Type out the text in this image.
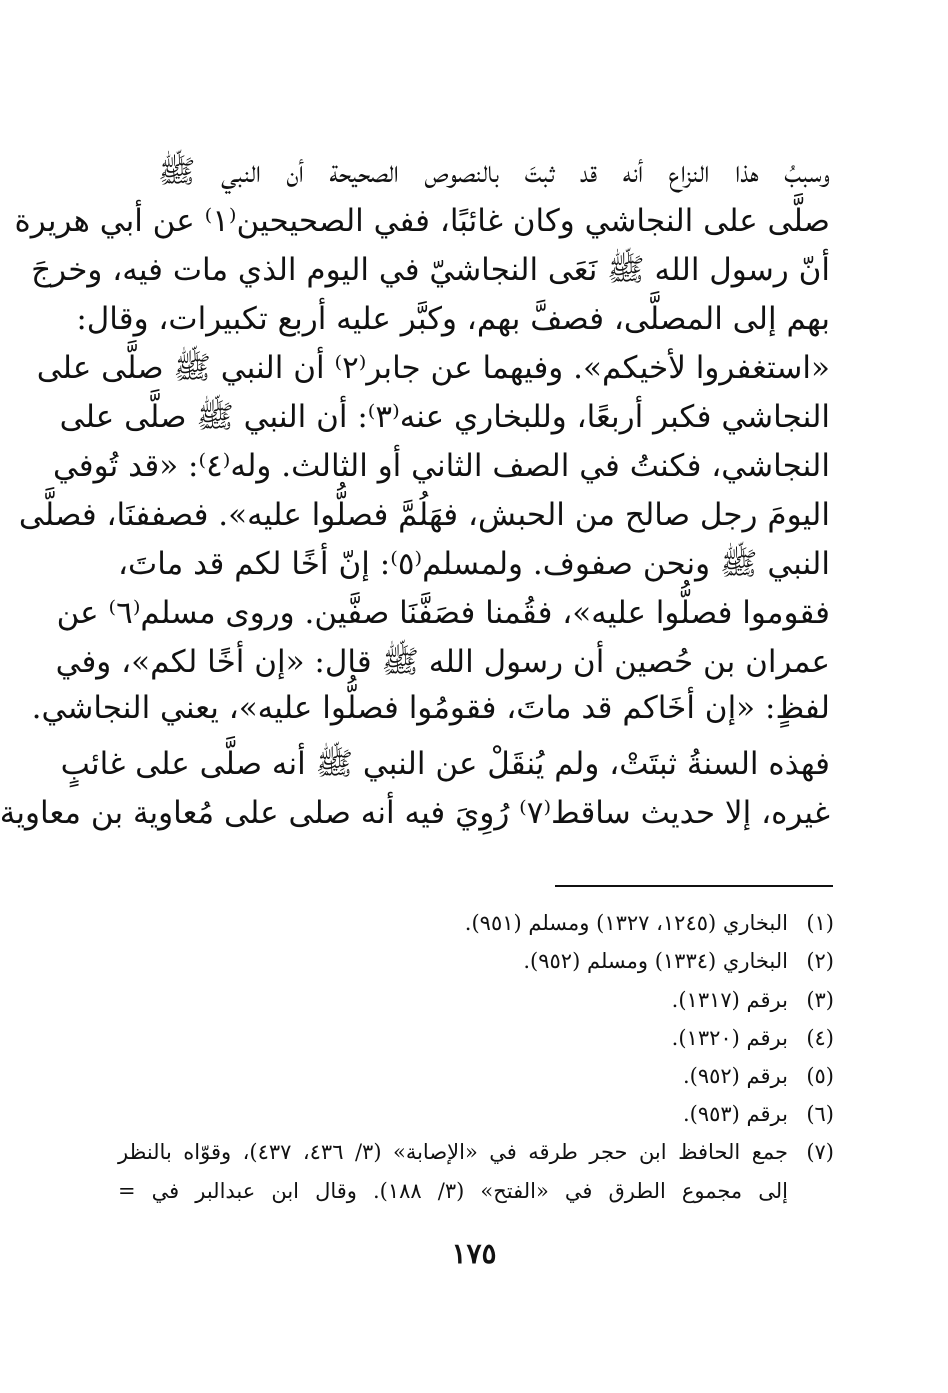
وسببُ هذا النزاع أنه قد ثبتَ بالنصوص الصحيحة أن النبي ﷺ
صلَّى على النجاشي وكان غائبًا، ففي الصحيحين⁽١⁾ عن أبي هريرة
أنّ رسول الله ﷺ نَعَى النجاشيّ في اليوم الذي مات فيه، وخرجَ
بهم إلى المصلَّى، فصفَّ بهم، وكبَّر عليه أربع تكبيرات، وقال:
«استغفروا لأخيكم». وفيهما عن جابر⁽٢⁾ أن النبي ﷺ صلَّى على
النجاشي فكبر أربعًا، وللبخاري عنه⁽٣⁾: أن النبي ﷺ صلَّى على
النجاشي، فكنتُ في الصف الثاني أو الثالث. وله⁽٤⁾: «قد تُوفي
اليومَ رجل صالح من الحبش، فهَلُمَّ فصلُّوا عليه». فصففنَا، فصلَّى
النبي ﷺ ونحن صفوف. ولمسلم⁽٥⁾: إنّ أخًا لكم قد ماتَ،
فقوموا فصلُّوا عليه»، فقُمنا فصَفَّنَا صفَّين. وروى مسلم⁽٦⁾ عن
عمران بن حُصين أن رسول الله ﷺ قال: «إن أخًا لكم»، وفي
لفظٍ: «إن أخَاكم قد ماتَ، فقومُوا فصلُّوا عليه»، يعني النجاشي.
فهذه السنةُ ثبتَتْ، ولم يُنقَلْ عن النبي ﷺ أنه صلَّى على غائبٍ
غيره، إلا حديث ساقط⁽٧⁾ رُوِيَ فيه أنه صلى على مُعاوية بن معاوية
(١)البخاري (١٢٤٥، ١٣٢٧) ومسلم (٩٥١).
(٢)البخاري (١٣٣٤) ومسلم (٩٥٢).
(٣)برقم (١٣١٧).
(٤)برقم (١٣٢٠).
(٥)برقم (٩٥٢).
(٦)برقم (٩٥٣).
(٧)جمع الحافظ ابن حجر طرقه في «الإصابة» (٣/ ٤٣٦، ٤٣٧)، وقوّاه بالنظر
إلى مجموع الطرق في «الفتح» (٣/ ١٨٨). وقال ابن عبدالبر في =
١٧٥
